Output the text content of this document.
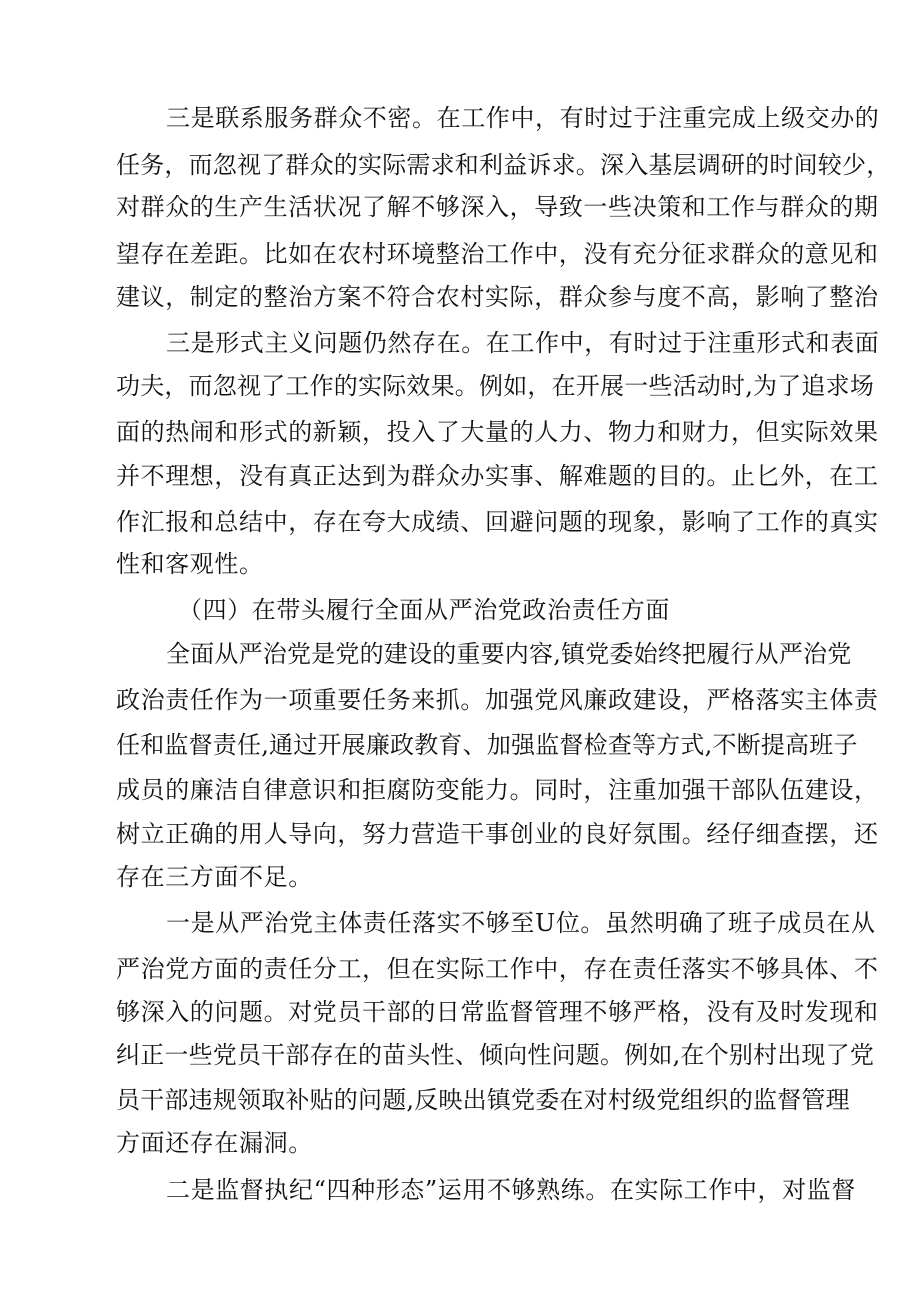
三是联系服务群众不密。在工作中，有时过于注重完成上级交办的
任务，而忽视了群众的实际需求和利益诉求。深入基层调研的时间较少，
对群众的生产生活状况了解不够深入，导致一些决策和工作与群众的期
望存在差距。比如在农村环境整治工作中，没有充分征求群众的意见和
建议，制定的整治方案不符合农村实际，群众参与度不高，影响了整治
三是形式主义问题仍然存在。在工作中，有时过于注重形式和表面
功夫，而忽视了工作的实际效果。例如，在开展一些活动时,为了追求场
面的热闹和形式的新颖，投入了大量的人力、物力和财力，但实际效果
并不理想，没有真正达到为群众办实事、解难题的目的。止匕外，在工
作汇报和总结中，存在夸大成绩、回避问题的现象，影响了工作的真实
性和客观性。
（四）在带头履行全面从严治党政治责任方面
全面从严治党是党的建设的重要内容,镇党委始终把履行从严治党
政治责任作为一项重要任务来抓。加强党风廉政建设，严格落实主体责
任和监督责任,通过开展廉政教育、加强监督检查等方式,不断提高班子
成员的廉洁自律意识和拒腐防变能力。同时，注重加强干部队伍建设，
树立正确的用人导向，努力营造干事创业的良好氛围。经仔细查摆，还
存在三方面不足。
一是从严治党主体责任落实不够至U位。虽然明确了班子成员在从
严治党方面的责任分工，但在实际工作中，存在责任落实不够具体、不
够深入的问题。对党员干部的日常监督管理不够严格，没有及时发现和
纠正一些党员干部存在的苗头性、倾向性问题。例如,在个别村出现了党
员干部违规领取补贴的问题,反映出镇党委在对村级党组织的监督管理
方面还存在漏洞。
二是监督执纪“四种形态”运用不够熟练。在实际工作中，对监督
